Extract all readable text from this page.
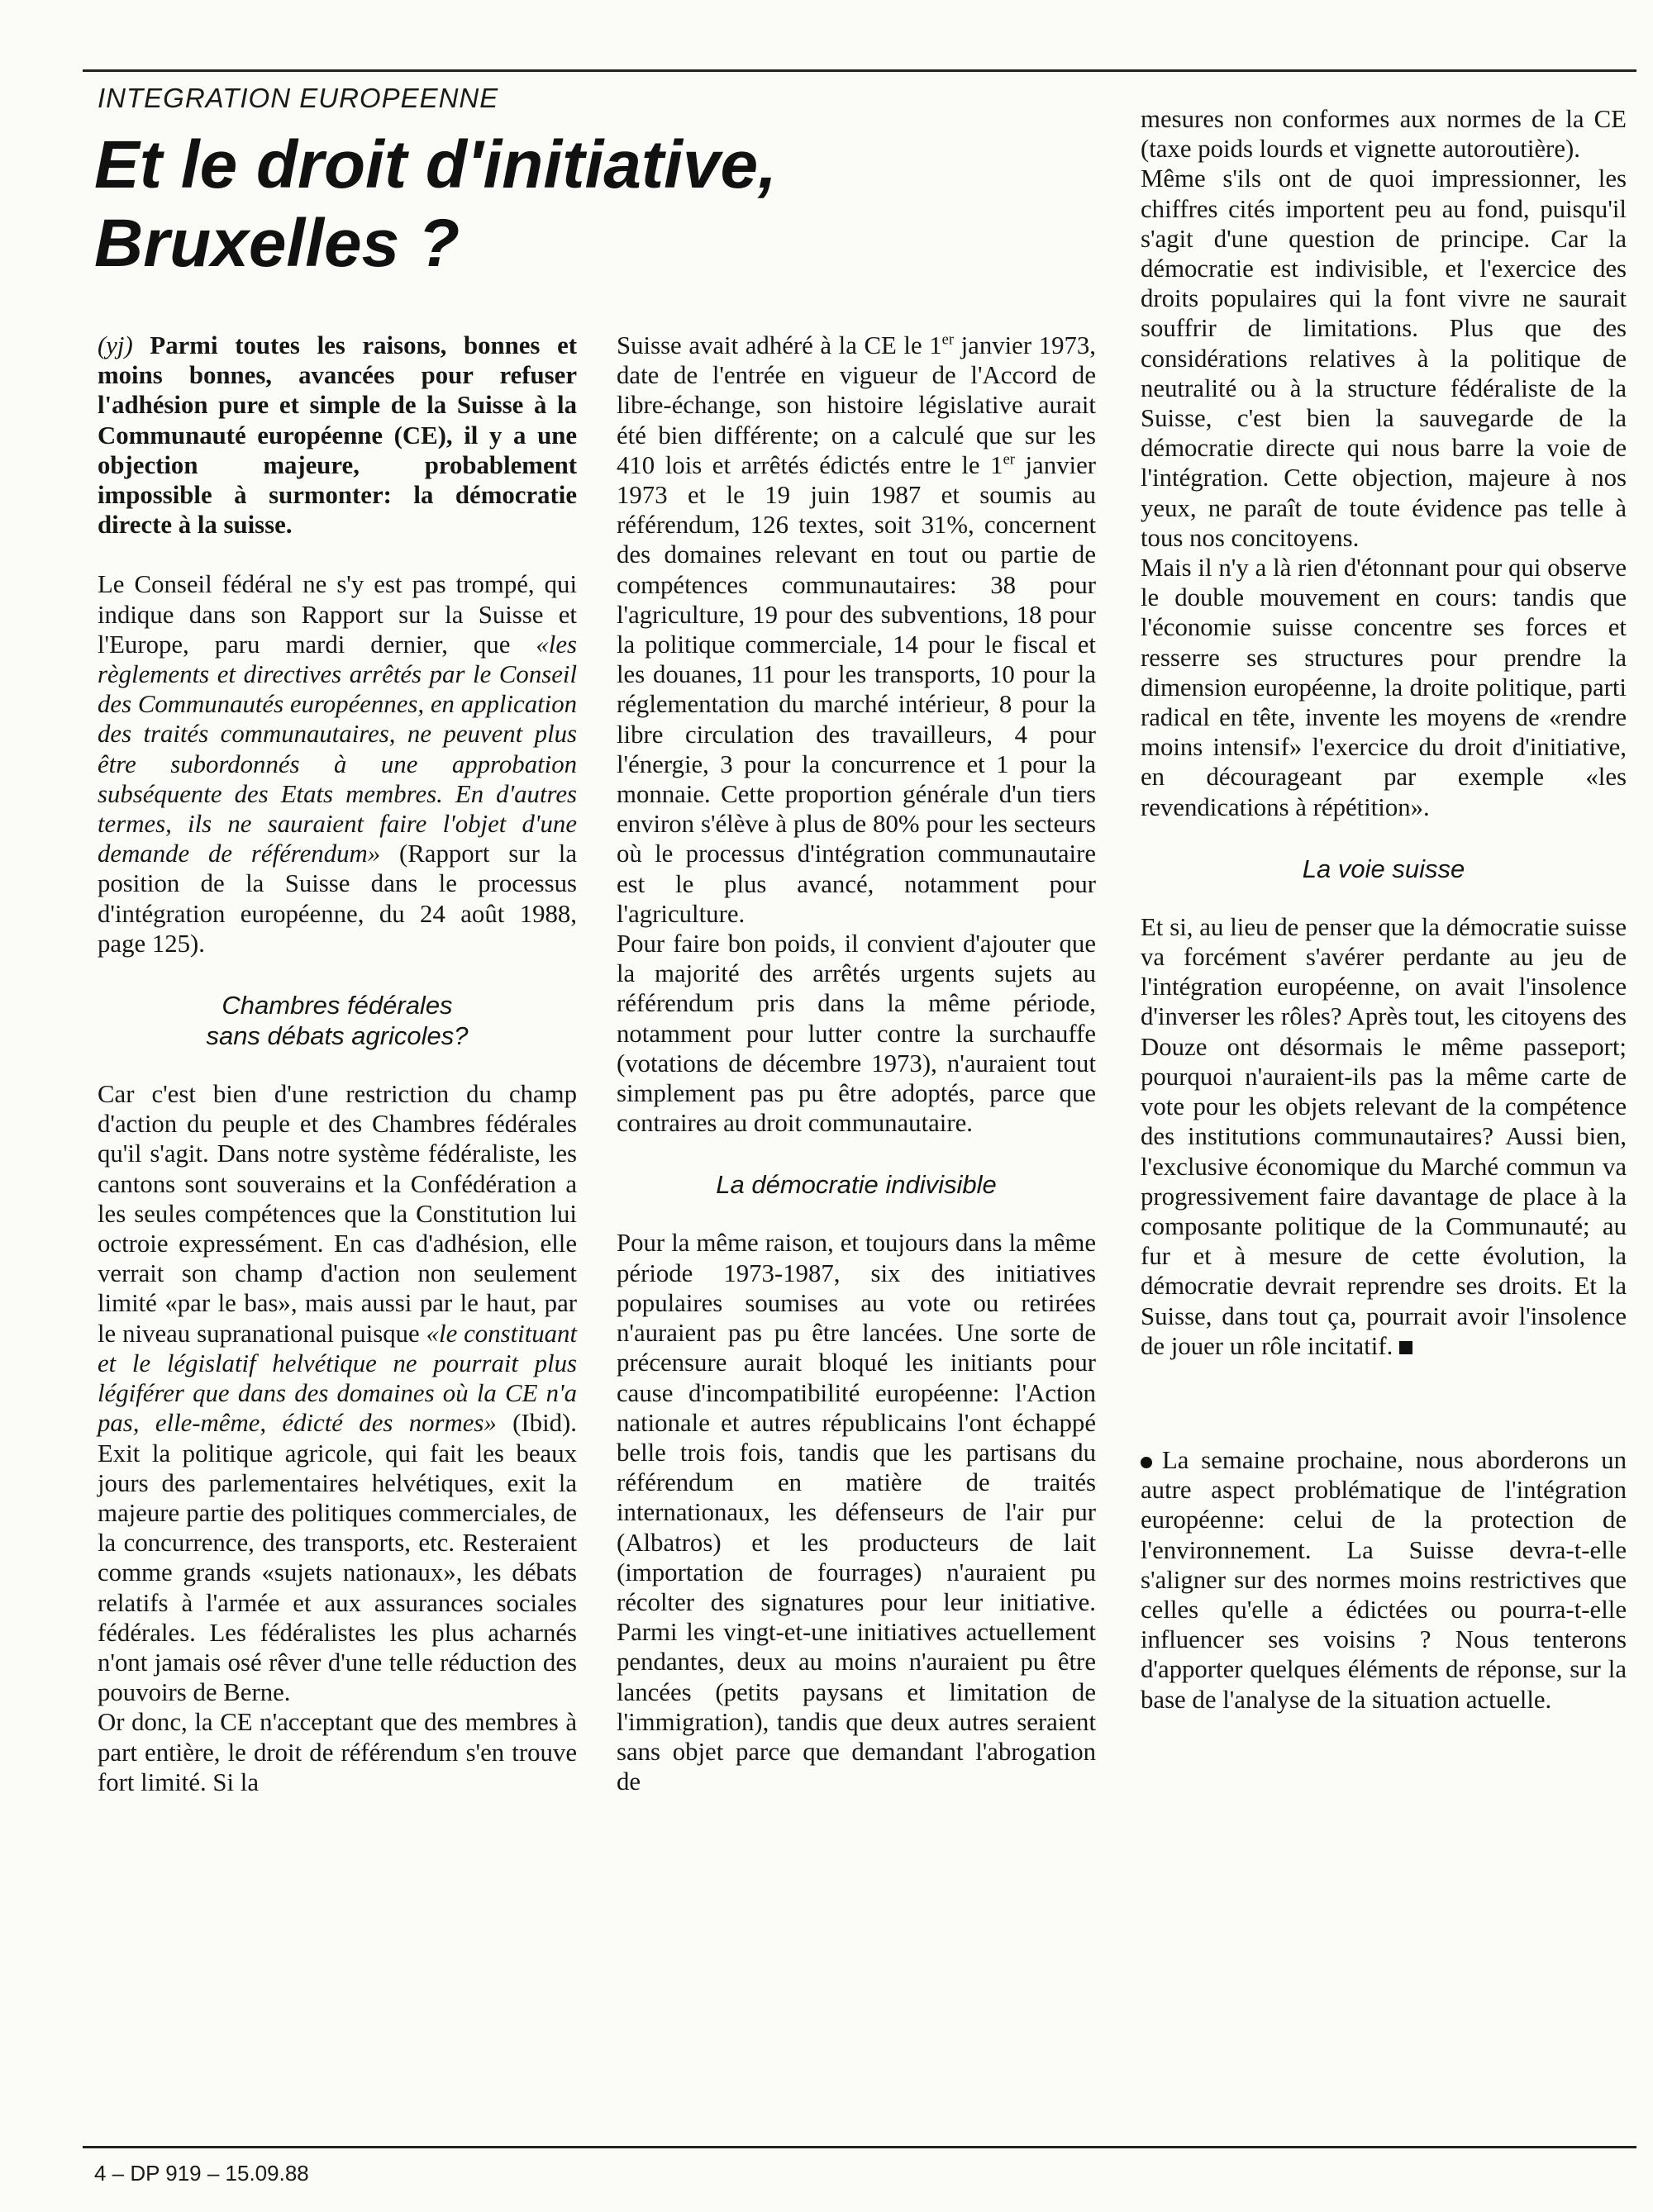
INTEGRATION EUROPEENNE
Et le droit d'initiative,
Bruxelles ?

(yj) Parmi toutes les raisons, bonnes et moins bonnes, avancées pour refuser l'adhésion pure et simple de la Suisse à la Communauté européenne (CE), il y a une objection majeure, probablement impossible à surmonter: la démocratie directe à la suisse.

Le Conseil fédéral ne s'y est pas trompé, qui indique dans son Rapport sur la Suisse et l'Europe, paru mardi dernier, que «les règlements et directives arrêtés par le Conseil des Communautés européennes, en application des traités communautaires, ne peuvent plus être subordonnés à une approbation subséquente des Etats membres. En d'autres termes, ils ne sauraient faire l'objet d'une demande de référendum» (Rapport sur la position de la Suisse dans le processus d'intégration européenne, du 24 août 1988, page 125).

Chambres fédérales
sans débats agricoles?

Car c'est bien d'une restriction du champ d'action du peuple et des Chambres fédérales qu'il s'agit. Dans notre système fédéraliste, les cantons sont souverains et la Confédération a les seules compétences que la Constitution lui octroie expressément. En cas d'adhésion, elle verrait son champ d'action non seulement limité «par le bas», mais aussi par le haut, par le niveau supranational puisque «le constituant et le législatif helvétique ne pourrait plus légiférer que dans des domaines où la CE n'a pas, elle-même, édicté des normes» (Ibid). Exit la politique agricole, qui fait les beaux jours des parlementaires helvétiques, exit la majeure partie des politiques commerciales, de la concurrence, des transports, etc. Resteraient comme grands «sujets nationaux», les débats relatifs à l'armée et aux assurances sociales fédérales. Les fédéralistes les plus acharnés n'ont jamais osé rêver d'une telle réduction des pouvoirs de Berne.

Or donc, la CE n'acceptant que des membres à part entière, le droit de référendum s'en trouve fort limité. Si la

Suisse avait adhéré à la CE le 1er janvier 1973, date de l'entrée en vigueur de l'Accord de libre-échange, son histoire législative aurait été bien différente; on a calculé que sur les 410 lois et arrêtés édictés entre le 1er janvier 1973 et le 19 juin 1987 et soumis au référendum, 126 textes, soit 31%, concernent des domaines relevant en tout ou partie de compétences communautaires: 38 pour l'agriculture, 19 pour des subventions, 18 pour la politique commerciale, 14 pour le fiscal et les douanes, 11 pour les transports, 10 pour la réglementation du marché intérieur, 8 pour la libre circulation des travailleurs, 4 pour l'énergie, 3 pour la concurrence et 1 pour la monnaie. Cette proportion générale d'un tiers environ s'élève à plus de 80% pour les secteurs où le processus d'intégration communautaire est le plus avancé, notamment pour l'agriculture.

Pour faire bon poids, il convient d'ajouter que la majorité des arrêtés urgents sujets au référendum pris dans la même période, notamment pour lutter contre la surchauffe (votations de décembre 1973), n'auraient tout simplement pas pu être adoptés, parce que contraires au droit communautaire.

La démocratie indivisible

Pour la même raison, et toujours dans la même période 1973-1987, six des initiatives populaires soumises au vote ou retirées n'auraient pas pu être lancées. Une sorte de précensure aurait bloqué les initiants pour cause d'incompatibilité européenne: l'Action nationale et autres républicains l'ont échappé belle trois fois, tandis que les partisans du référendum en matière de traités internationaux, les défenseurs de l'air pur (Albatros) et les producteurs de lait (importation de fourrages) n'auraient pu récolter des signatures pour leur initiative. Parmi les vingt-et-une initiatives actuellement pendantes, deux au moins n'auraient pu être lancées (petits paysans et limitation de l'immigration), tandis que deux autres seraient sans objet parce que demandant l'abrogation de

mesures non conformes aux normes de la CE (taxe poids lourds et vignette autoroutière).

Même s'ils ont de quoi impressionner, les chiffres cités importent peu au fond, puisqu'il s'agit d'une question de principe. Car la démocratie est indivisible, et l'exercice des droits populaires qui la font vivre ne saurait souffrir de limitations. Plus que des considérations relatives à la politique de neutralité ou à la structure fédéraliste de la Suisse, c'est bien la sauvegarde de la démocratie directe qui nous barre la voie de l'intégration. Cette objection, majeure à nos yeux, ne paraît de toute évidence pas telle à tous nos concitoyens.

Mais il n'y a là rien d'étonnant pour qui observe le double mouvement en cours: tandis que l'économie suisse concentre ses forces et resserre ses structures pour prendre la dimension européenne, la droite politique, parti radical en tête, invente les moyens de «rendre moins intensif» l'exercice du droit d'initiative, en décourageant par exemple «les revendications à répétition».

La voie suisse

Et si, au lieu de penser que la démocratie suisse va forcément s'avérer perdante au jeu de l'intégration européenne, on avait l'insolence d'inverser les rôles? Après tout, les citoyens des Douze ont désormais le même passeport; pourquoi n'auraient-ils pas la même carte de vote pour les objets relevant de la compétence des institutions communautaires? Aussi bien, l'exclusive économique du Marché commun va progressivement faire davantage de place à la composante politique de la Communauté; au fur et à mesure de cette évolution, la démocratie devrait reprendre ses droits. Et la Suisse, dans tout ça, pourrait avoir l'insolence de jouer un rôle incitatif.

La semaine prochaine, nous aborderons un autre aspect problématique de l'intégration européenne: celui de la protection de l'environnement. La Suisse devra-t-elle s'aligner sur des normes moins restrictives que celles qu'elle a édictées ou pourra-t-elle influencer ses voisins ? Nous tenterons d'apporter quelques éléments de réponse, sur la base de l'analyse de la situation actuelle.

4 – DP 919 – 15.09.88
